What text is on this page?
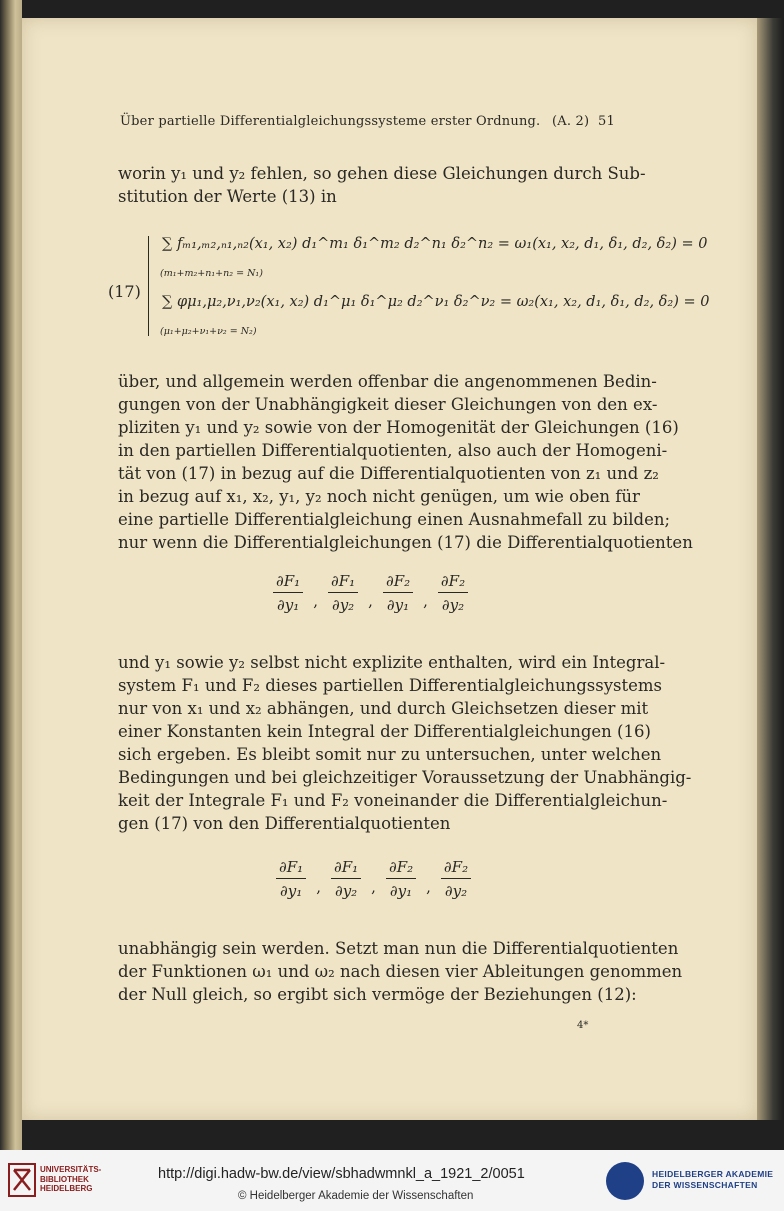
Über partielle Differentialgleichungssysteme erster Ordnung. (A. 2) 51
worin y₁ und y₂ fehlen, so gehen diese Gleichungen durch Sub-
stitution der Werte (13) in
(17)
∑ fₘ₁,ₘ₂,ₙ₁,ₙ₂(x₁, x₂) d₁^m₁ δ₁^m₂ d₂^n₁ δ₂^n₂ = ω₁(x₁, x₂, d₁, δ₁, d₂, δ₂) = 0
(m₁+m₂+n₁+n₂ = N₁)
∑ φμ₁,μ₂,ν₁,ν₂(x₁, x₂) d₁^μ₁ δ₁^μ₂ d₂^ν₁ δ₂^ν₂ = ω₂(x₁, x₂, d₁, δ₁, d₂, δ₂) = 0
(μ₁+μ₂+ν₁+ν₂ = N₂)
über, und allgemein werden offenbar die angenommenen Bedin-
gungen von der Unabhängigkeit dieser Gleichungen von den ex-
pliziten y₁ und y₂ sowie von der Homogenität der Gleichungen (16)
in den partiellen Differentialquotienten, also auch der Homogeni-
tät von (17) in bezug auf die Differentialquotienten von z₁ und z₂
in bezug auf x₁, x₂, y₁, y₂ noch nicht genügen, um wie oben für
eine partielle Differentialgleichung einen Ausnahmefall zu bilden;
nur wenn die Differentialgleichungen (17) die Differentialquotienten
$\frac{\text{∂F₁}}{\text{∂y₁}}$ , $\frac{\text{∂F₁}}{\text{∂y₂}}$ , $\frac{\text{∂F₂}}{\text{∂y₁}}$ , $\frac{\text{∂F₂}}{\text{∂y₂}}$
und y₁ sowie y₂ selbst nicht explizite enthalten, wird ein Integral-
system F₁ und F₂ dieses partiellen Differentialgleichungssystems
nur von x₁ und x₂ abhängen, und durch Gleichsetzen dieser mit
einer Konstanten kein Integral der Differentialgleichungen (16)
sich ergeben. Es bleibt somit nur zu untersuchen, unter welchen
Bedingungen und bei gleichzeitiger Voraussetzung der Unabhängig-
keit der Integrale F₁ und F₂ voneinander die Differentialgleichun-
gen (17) von den Differentialquotienten
$\frac{\text{∂F₁}}{\text{∂y₁}}$ , $\frac{\text{∂F₁}}{\text{∂y₂}}$ , $\frac{\text{∂F₂}}{\text{∂y₁}}$ , $\frac{\text{∂F₂}}{\text{∂y₂}}$
unabhängig sein werden. Setzt man nun die Differentialquotienten
der Funktionen ω₁ und ω₂ nach diesen vier Ableitungen genommen
der Null gleich, so ergibt sich vermöge der Beziehungen (12):
4*
UNIVERSITÄTS-
BIBLIOTHEK
HEIDELBERG
http://digi.hadw-bw.de/view/sbhadwmnkl_a_1921_2/0051
© Heidelberger Akademie der Wissenschaften
HEIDELBERGER AKADEMIE
DER WISSENSCHAFTEN
